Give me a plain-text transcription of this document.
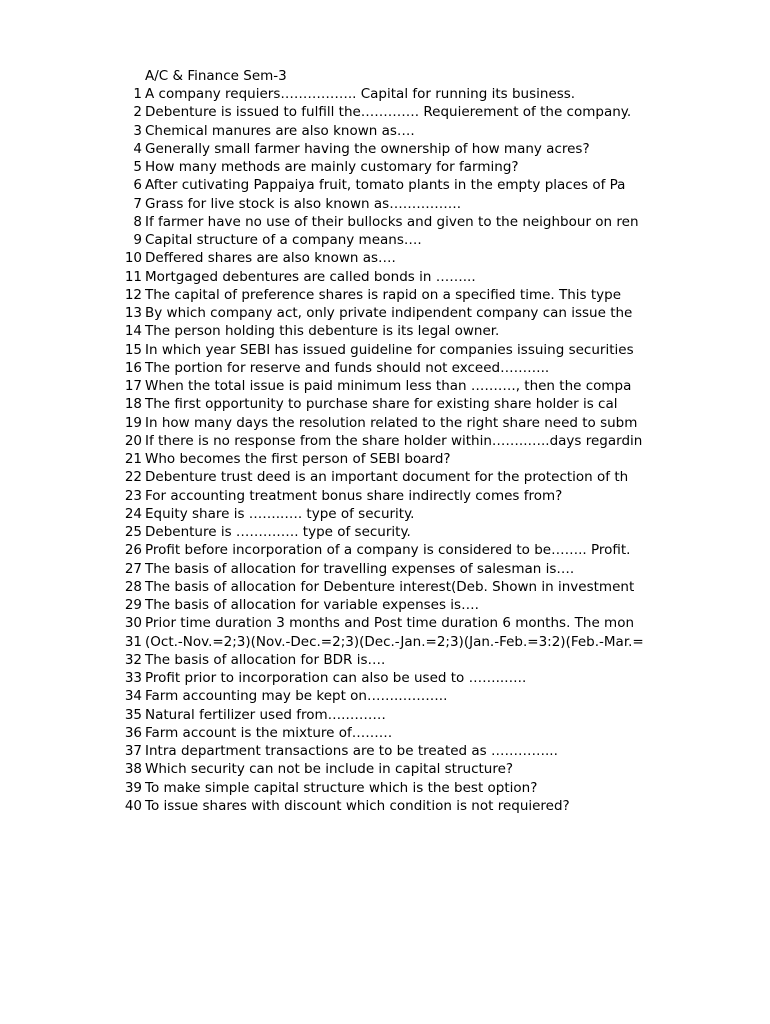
A/C & Finance Sem-3
1 A company requiers…………….. Capital for running its business.
2 Debenture is issued to fulfill the…………. Requierement of the company.
3 Chemical manures are also known as….
4 Generally small farmer having the ownership of how many acres?
5 How many methods are mainly customary for farming?
6 After cutivating Pappaiya fruit, tomato plants in the empty places of Pa
7 Grass for live stock is also known as…………….
8 If farmer have no use of their bullocks and given to the neighbour on ren
9 Capital structure of a company means….
10 Deffered shares are also known as….
11 Mortgaged debentures are called bonds in ……...
12 The capital of preference shares is rapid on a specified time. This type
13 By which company act, only private indipendent company can issue the
14 The person holding this debenture is its legal owner.
15 In which year SEBI has issued guideline for companies issuing securities
16 The portion for reserve and funds should not exceed………..
17 When the total issue is paid minimum less than ………., then the compa
18 The first opportunity to purchase share for existing share holder is cal
19 In how many days the resolution related to the right share need to subm
20 If there is no response from the share holder within……..…..days regardin
21 Who becomes the first person of SEBI board?
22 Debenture trust deed is an important document for the protection of th
23 For accounting treatment bonus share indirectly comes from?
24 Equity share is ……..…. type of security.
25 Debenture is ……….…. type of security.
26 Profit before incorporation of a company is considered to be…….. Profit.
27 The basis of allocation for travelling expenses of salesman is….
28 The basis of allocation for Debenture interest(Deb. Shown in investment
29 The basis of allocation for variable expenses is….
30 Prior time duration 3 months and Post time duration 6 months. The mon
31 (Oct.-Nov.=2;3)(Nov.-Dec.=2;3)(Dec.-Jan.=2;3)(Jan.-Feb.=3:2)(Feb.-Mar.=
32 The basis of allocation for BDR is….
33 Profit prior to incorporation can also be used to ……..…..
34 Farm accounting may be kept on…….………..
35 Natural fertilizer used from….………
36 Farm account is the mixture of………
37 Intra department transactions are to be treated as …………...
38 Which security can not be include in capital structure?
39 To make simple capital structure which is the best option?
40 To issue shares with discount which condition is not requiered?
